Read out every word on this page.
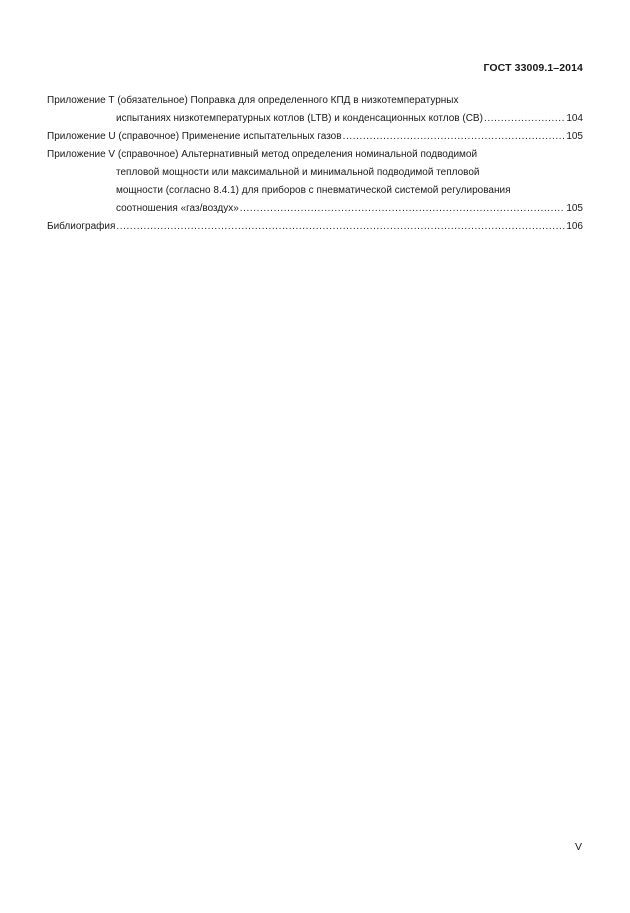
ГОСТ 33009.1–2014
Приложение Т (обязательное) Поправка для определенного КПД в низкотемпературных
испытаниях низкотемпературных котлов (LTB) и конденсационных котлов (CB) .....	104
Приложение U (справочное) Применение испытательных газов .....	105
Приложение V (справочное) Альтернативный метод определения номинальной подводимой
тепловой мощности или максимальной и минимальной подводимой тепловой
мощности (согласно 8.4.1) для приборов с пневматической системой регулирования
соотношения «газ/воздух» .....	105
Библиография .....	106
V
